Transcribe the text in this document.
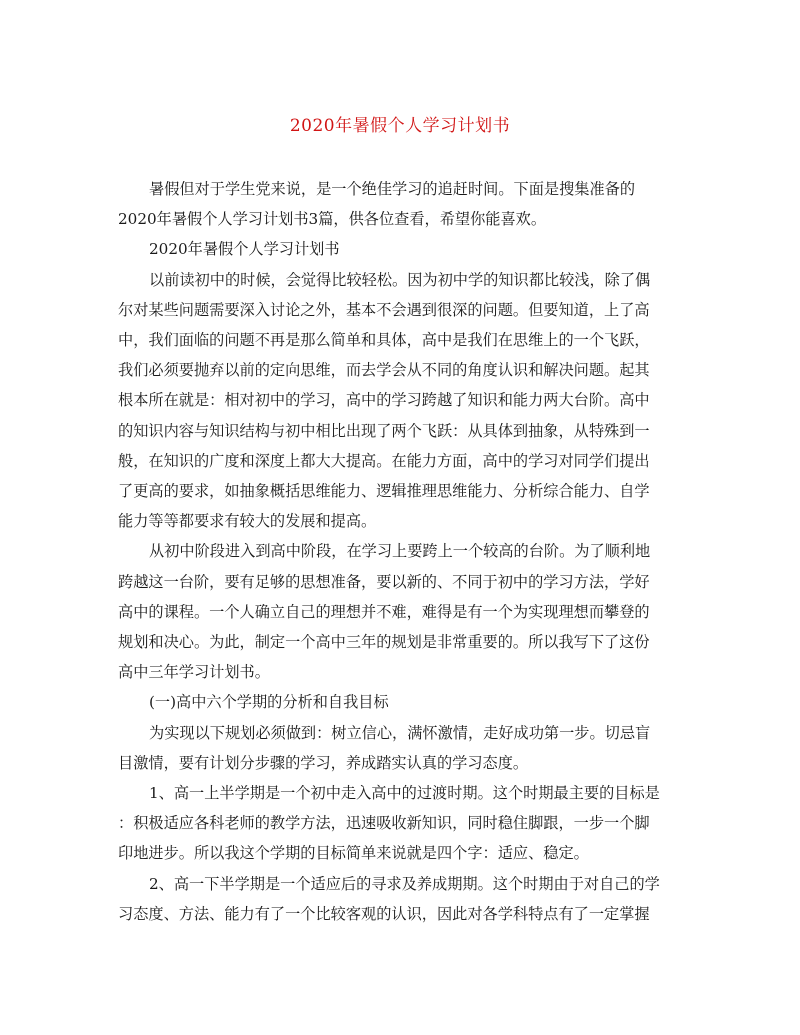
2020年暑假个人学习计划书
暑假但对于学生党来说，是一个绝佳学习的追赶时间。下面是搜集准备的
2020年暑假个人学习计划书3篇，供各位查看，希望你能喜欢。
2020年暑假个人学习计划书
以前读初中的时候，会觉得比较轻松。因为初中学的知识都比较浅，除了偶
尔对某些问题需要深入讨论之外，基本不会遇到很深的问题。但要知道，上了高
中，我们面临的问题不再是那么简单和具体，高中是我们在思维上的一个飞跃，
我们必须要抛弃以前的定向思维，而去学会从不同的角度认识和解决问题。起其
根本所在就是：相对初中的学习，高中的学习跨越了知识和能力两大台阶。高中
的知识内容与知识结构与初中相比出现了两个飞跃：从具体到抽象，从特殊到一
般，在知识的广度和深度上都大大提高。在能力方面，高中的学习对同学们提出
了更高的要求，如抽象概括思维能力、逻辑推理思维能力、分析综合能力、自学
能力等等都要求有较大的发展和提高。
从初中阶段进入到高中阶段，在学习上要跨上一个较高的台阶。为了顺利地
跨越这一台阶，要有足够的思想准备，要以新的、不同于初中的学习方法，学好
高中的课程。一个人确立自己的理想并不难，难得是有一个为实现理想而攀登的
规划和决心。为此，制定一个高中三年的规划是非常重要的。所以我写下了这份
高中三年学习计划书。
(一)高中六个学期的分析和自我目标
为实现以下规划必须做到：树立信心，满怀激情，走好成功第一步。切忌盲
目激情，要有计划分步骤的学习，养成踏实认真的学习态度。
1、高一上半学期是一个初中走入高中的过渡时期。这个时期最主要的目标是
：积极适应各科老师的教学方法，迅速吸收新知识，同时稳住脚跟，一步一个脚
印地进步。所以我这个学期的目标简单来说就是四个字：适应、稳定。
2、高一下半学期是一个适应后的寻求及养成期期。这个时期由于对自己的学
习态度、方法、能力有了一个比较客观的认识，因此对各学科特点有了一定掌握
